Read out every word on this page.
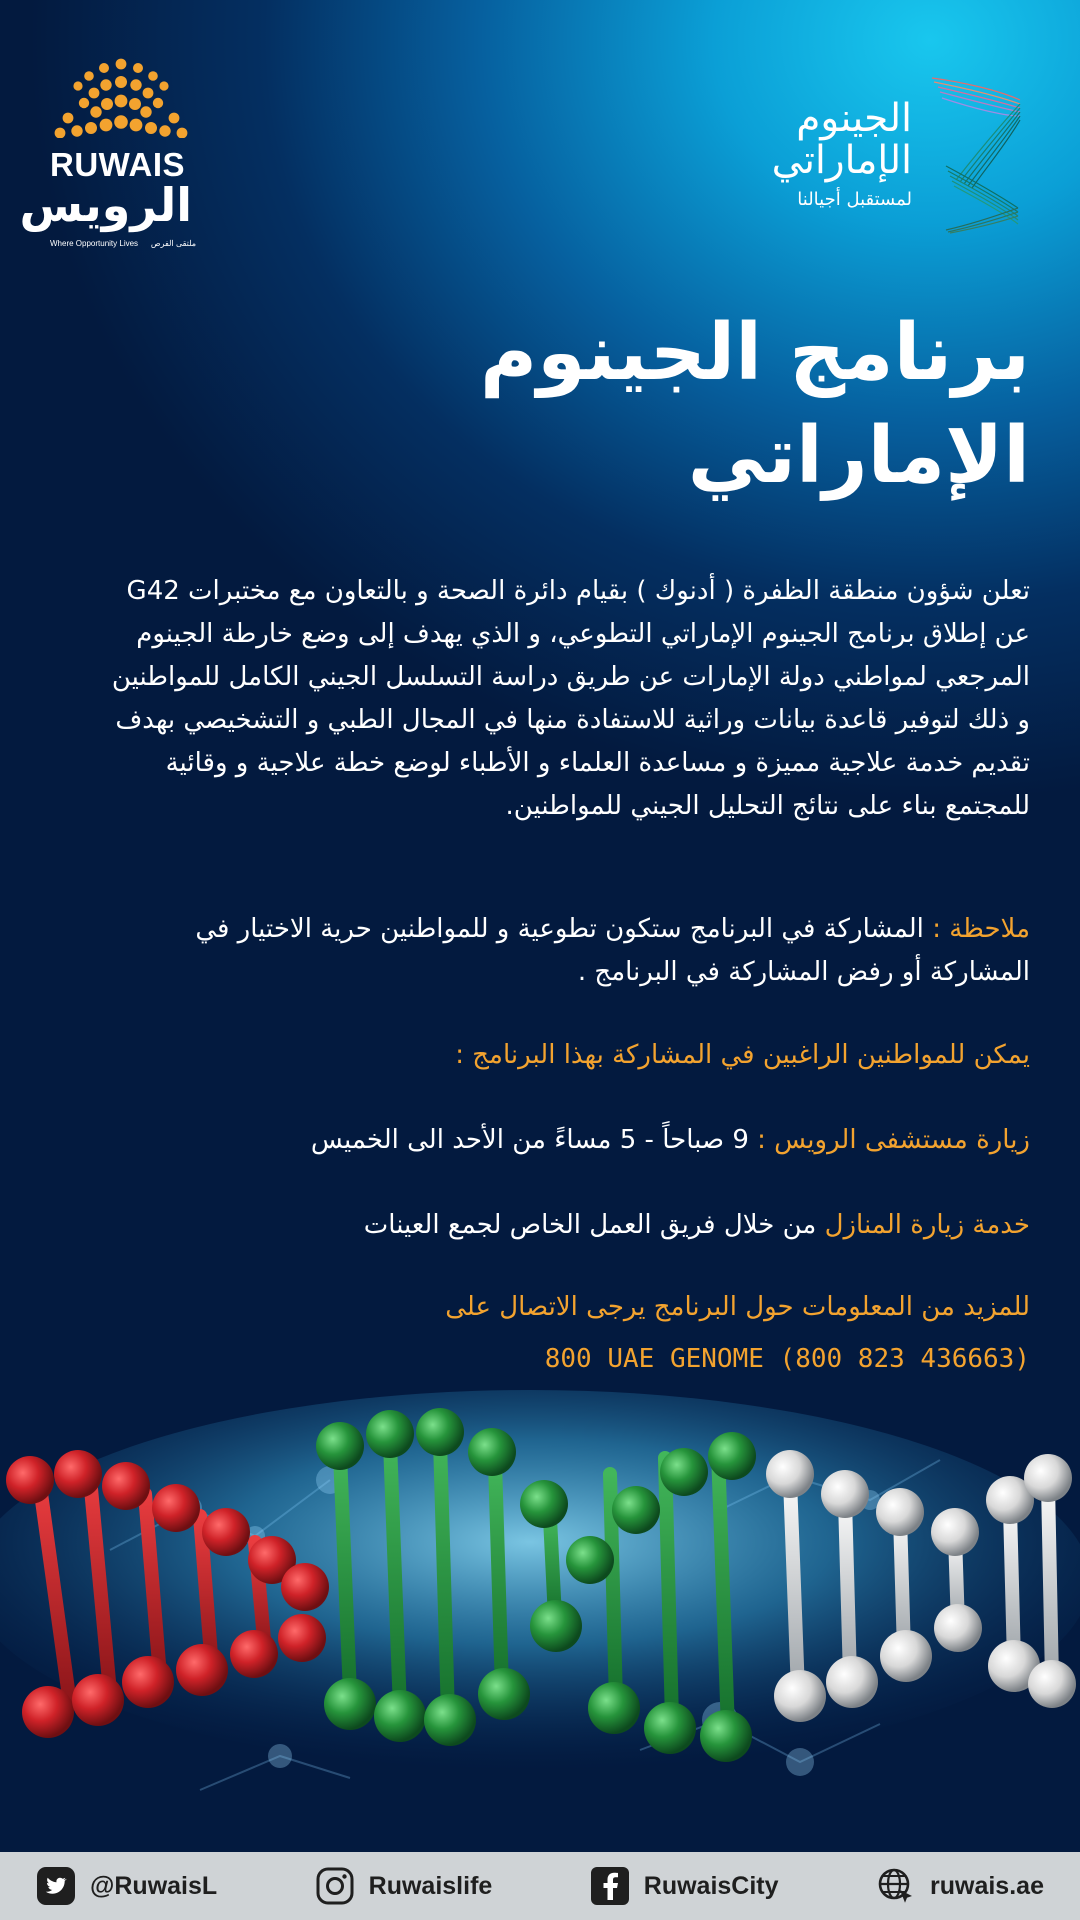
RUWAIS
الرويس
Where Opportunity Lives ملتقى الفرص
الجينوم
الإماراتي
لمستقبل أجيالنا
برنامج الجينوم
الإماراتي

تعلن شؤون منطقة الظفرة ( أدنوك ) بقيام دائرة الصحة و بالتعاون مع مختبرات G42 عن إطلاق برنامج الجينوم الإماراتي التطوعي، و الذي يهدف إلى وضع خارطة الجينوم المرجعي لمواطني دولة الإمارات عن طريق دراسة التسلسل الجيني الكامل للمواطنين و ذلك لتوفير قاعدة بيانات وراثية للاستفادة منها في المجال الطبي و التشخيصي بهدف تقديم خدمة علاجية مميزة و مساعدة العلماء و الأطباء لوضع خطة علاجية و وقائية للمجتمع بناء على نتائج التحليل الجيني للمواطنين.

ملاحظة : المشاركة في البرنامج ستكون تطوعية و للمواطنين حرية الاختيار في المشاركة أو رفض المشاركة في البرنامج .

يمكن للمواطنين الراغبين في المشاركة بهذا البرنامج :

زيارة مستشفى الرويس : 9 صباحاً - 5 مساءً من الأحد الى الخميس

خدمة زيارة المنازل من خلال فريق العمل الخاص لجمع العينات

للمزيد من المعلومات حول البرنامج يرجى الاتصال على

800 UAE GENOME (800 823 436663)

@RuwaisL	Ruwaislife	RuwaisCity	ruwais.ae
